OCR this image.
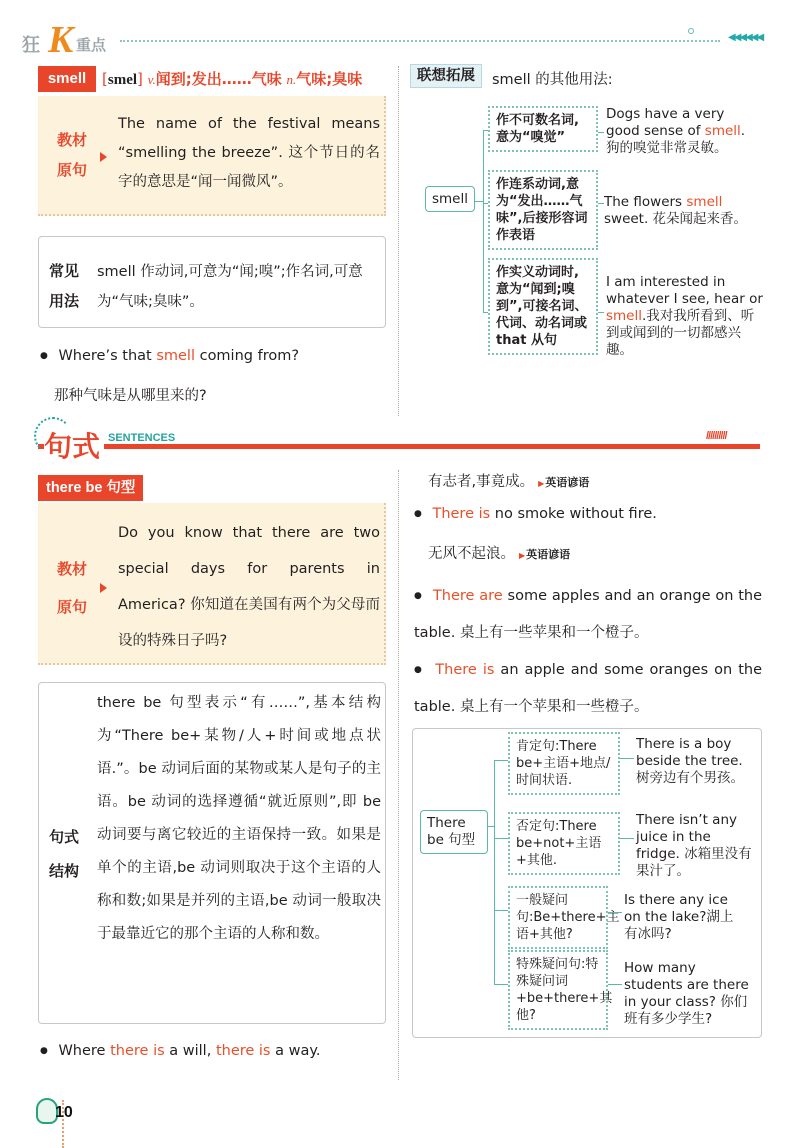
狂 K 重点	◀◀◀◀◀◀
smell	[smel] v.闻到;发出……气味 n.气味;臭味
教材
原句
The name of the festival means “smelling the breeze”. 这个节日的名字的意思是“闻一闻微风”。
常见
用法
smell 作动词,可意为“闻;嗅”;作名词,可意为“气味;臭味”。
● Where’s that smell coming from?
那种气味是从哪里来的?
联想拓展	smell 的其他用法:
smell
作不可数名词,意为“嗅觉”
作连系动词,意为“发出……气味”,后接形容词作表语
作实义动词时,意为“闻到;嗅到”,可接名词、代词、动名词或 that 从句
Dogs have a very good sense of smell. 狗的嗅觉非常灵敏。
The flowers smell sweet. 花朵闻起来香。
I am interested in whatever I see, hear or smell.我对我所看到、听到或闻到的一切都感兴趣。
句式 SENTENCES	//////////
there be 句型
教材
原句
Do you know that there are two special days for parents in America? 你知道在美国有两个为父母而设的特殊日子吗?
句式
结构
there be 句型表示“有……”,基本结构为“There be+某物/人+时间或地点状语.”。be 动词后面的某物或某人是句子的主语。be 动词的选择遵循“就近原则”,即 be 动词要与离它较近的主语保持一致。如果是单个的主语,be 动词则取决于这个主语的人称和数;如果是并列的主语,be 动词一般取决于最靠近它的那个主语的人称和数。
● Where there is a will, there is a way.
有志者,事竟成。 ▶ 英语谚语
● There is no smoke without fire.
无风不起浪。 ▶ 英语谚语
● There are some apples and an orange on the table. 桌上有一些苹果和一个橙子。
● There is an apple and some oranges on the table. 桌上有一个苹果和一些橙子。
There be 句型
肯定句:There be+主语+地点/时间状语.
否定句:There be+not+主语+其他.
一般疑问句:Be+there+主语+其他?
特殊疑问句:特殊疑问词+be+there+其他?
There is a boy beside the tree. 树旁边有个男孩。
There isn’t any juice in the fridge. 冰箱里没有果汁了。
Is there any ice on the lake?湖上有冰吗?
How many students are there in your class? 你们班有多少学生?
10
